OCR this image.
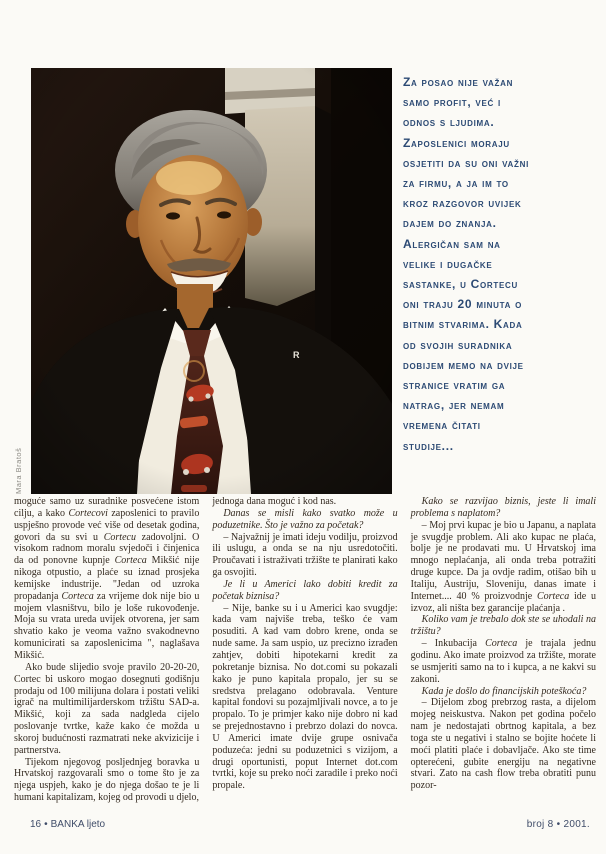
Mara Bratoš
Za posao nije važan
samo profit, već i
odnos s ljudima.
Zaposlenici moraju
osjetiti da su oni važni
za firmu, a ja im to
kroz razgovor uvijek
dajem do znanja.
Alergičan sam na
velike i dugačke
sastanke, u Cortecu
oni traju 20 minuta o
bitnim stvarima. Kada
od svojih suradnika
dobijem memo na dvije
stranice vratim ga
natrag, jer nemam
vremena čitati
studije...

moguće samo uz suradnike posvećene istom cilju, a kako Cortecovi zaposlenici to pravilo uspješno provode već više od desetak godina, govori da su svi u Cortecu zadovoljni. O visokom radnom moralu svjedoči i činjenica da od ponovne kupnje Corteca Mikšić nije nikoga otpustio, a plaće su iznad prosjeka kemijske industrije. "Jedan od uzroka propadanja Corteca za vrijeme dok nije bio u mojem vlasništvu, bilo je loše rukovođenje. Moja su vrata ureda uvijek otvorena, jer sam shvatio kako je veoma važno svakodnevno komunicirati sa zaposlenicima ", naglašava Mikšić.

Ako bude slijedio svoje pravilo 20-20-20, Cortec bi uskoro mogao dosegnuti godišnju prodaju od 100 milijuna dolara i postati veliki igrač na multimilijarderskom tržištu SAD-a. Mikšić, koji za sada nadgleda cijelo poslovanje tvrtke, kaže kako će možda u skoroj budućnosti razmatrati neke akvizicije i partnerstva.

Tijekom njegovog posljednjeg boravka u Hrvatskoj razgovarali smo o tome što je za njega uspjeh, kako je do njega došao te je li humani kapitalizam, kojeg od provodi u djelo,

jednoga dana moguć i kod nas.

Danas se misli kako svatko može u poduzetnike. Što je važno za početak?

– Najvažnij je imati ideju vodilju, proizvod ili uslugu, a onda se na nju usredotočiti. Proučavati i istraživati tržište te planirati kako ga osvojiti.

Je li u Americi lako dobiti kredit za početak biznisa?

– Nije, banke su i u Americi kao svugdje: kada vam najviše treba, teško će vam posuditi. A kad vam dobro krene, onda se nude same. Ja sam uspio, uz precizno izrađen zahtjev, dobiti hipotekarni kredit za pokretanje biznisa. No dot.comi su pokazali kako je puno kapitala propalo, jer su se sredstva prelagano odobravala. Venture kapital fondovi su pozajmljivali novce, a to je propalo. To je primjer kako nije dobro ni kad se prejednostavno i prebrzo dolazi do novca. U Americi imate dvije grupe osnivača poduzeća: jedni su poduzetnici s vizijom, a drugi oportunisti, poput Internet dot.com tvrtki, koje su preko noći zaradile i preko noći propale.

Kako se razvijao biznis, jeste li imali problema s naplatom?

– Moj prvi kupac je bio u Japanu, a naplata je svugdje problem. Ali ako kupac ne plaća, bolje je ne prodavati mu. U Hrvatskoj ima mnogo neplaćanja, ali onda treba potražiti druge kupce. Da ja ovdje radim, otišao bih u Italiju, Austriju, Sloveniju, danas imate i Internet.... 40 % proizvodnje Corteca ide u izvoz, ali ništa bez garancije plaćanja .

Koliko vam je trebalo dok ste se uhodali na tržištu?

– Inkubacija Corteca je trajala jednu godinu. Ako imate proizvod za tržište, morate se usmjeriti samo na to i kupca, a ne kakvi su zakoni.

Kada je došlo do financijskih poteškoća?

– Dijelom zbog prebrzog rasta, a dijelom mojeg neiskustva. Nakon pet godina počelo nam je nedostajati obrtnog kapitala, a bez toga ste u negativi i stalno se bojite hoćete li moći platiti plaće i dobavljače. Ako ste time opterećeni, gubite energiju na negativne stvari. Zato na cash flow treba obratiti punu pozor-

16 • BANKA ljeto	broj 8 • 2001.
